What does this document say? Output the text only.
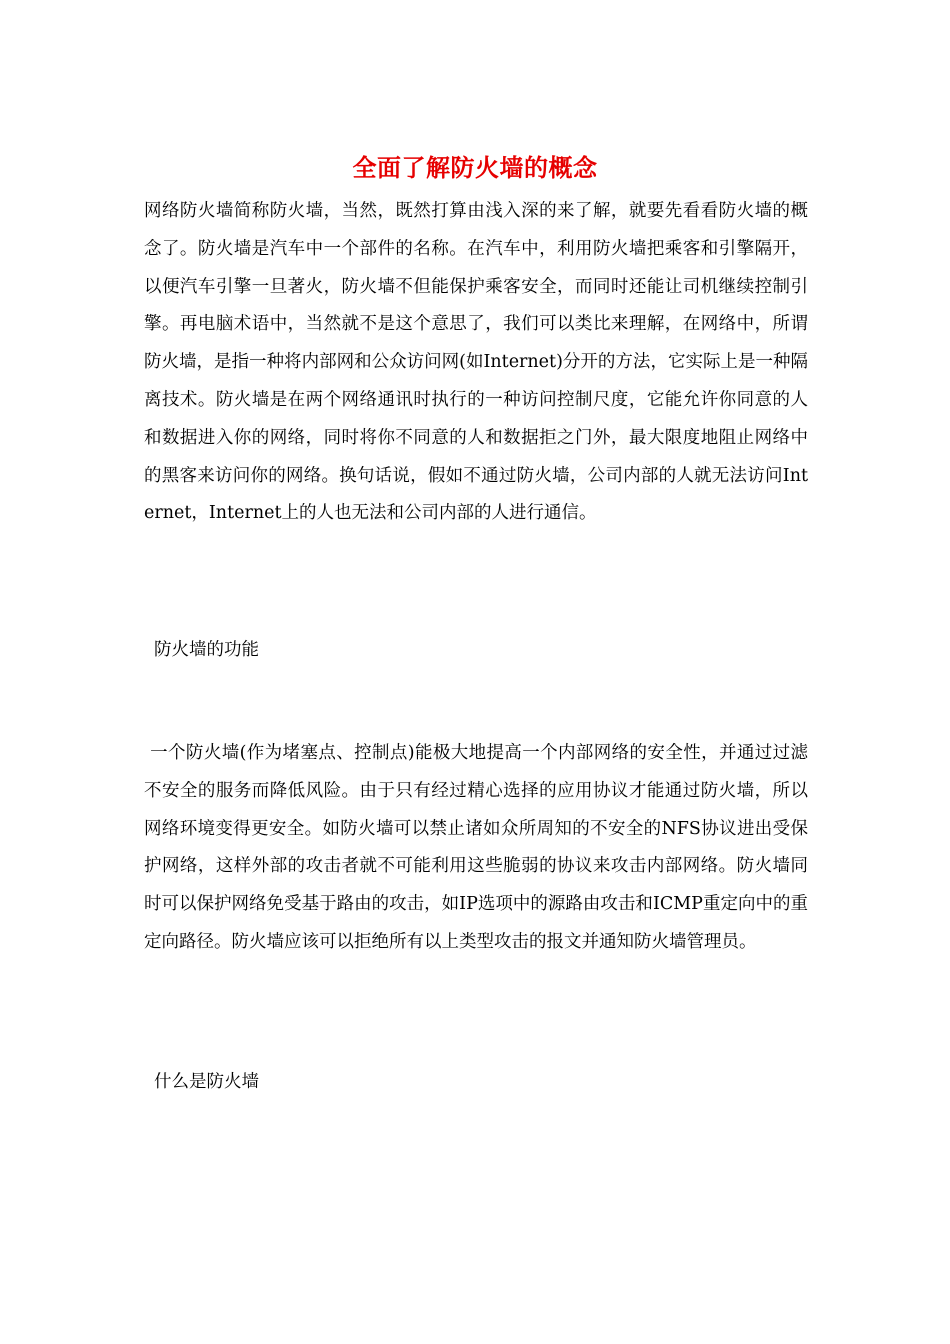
全面了解防火墙的概念

网络防火墙简称防火墙，当然，既然打算由浅入深的来了解，就要先看看防火墙的概念了。防火墙是汽车中一个部件的名称。在汽车中，利用防火墙把乘客和引擎隔开，以便汽车引擎一旦著火，防火墙不但能保护乘客安全，而同时还能让司机继续控制引擎。再电脑术语中，当然就不是这个意思了，我们可以类比来理解，在网络中，所谓防火墙，是指一种将内部网和公众访问网(如Internet)分开的方法，它实际上是一种隔离技术。防火墙是在两个网络通讯时执行的一种访问控制尺度，它能允许你同意的人和数据进入你的网络，同时将你不同意的人和数据拒之门外，最大限度地阻止网络中的黑客来访问你的网络。换句话说，假如不通过防火墙，公司内部的人就无法访问Internet，Internet上的人也无法和公司内部的人进行通信。

防火墙的功能

 一个防火墙(作为堵塞点、控制点)能极大地提高一个内部网络的安全性，并通过过滤不安全的服务而降低风险。由于只有经过精心选择的应用协议才能通过防火墙，所以网络环境变得更安全。如防火墙可以禁止诸如众所周知的不安全的NFS协议进出受保护网络，这样外部的攻击者就不可能利用这些脆弱的协议来攻击内部网络。防火墙同时可以保护网络免受基于路由的攻击，如IP选项中的源路由攻击和ICMP重定向中的重定向路径。防火墙应该可以拒绝所有以上类型攻击的报文并通知防火墙管理员。

什么是防火墙
